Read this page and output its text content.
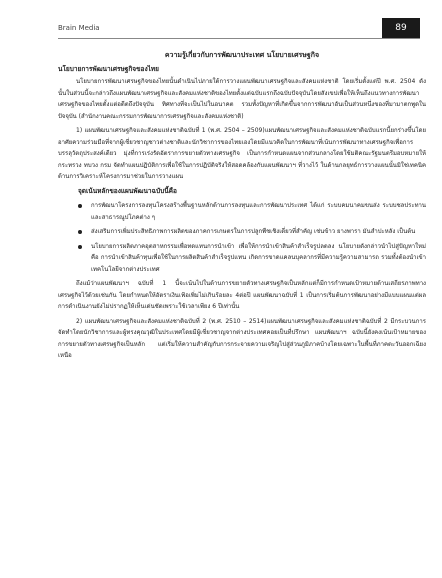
Brain Media	89
ความรู้เกี่ยวกับการพัฒนาประเทศ นโยบายเศรษฐกิจ
นโยบายการพัฒนาเศรษฐกิจของไทย

นโยบายการพัฒนาเศรษฐกิจของไทยนั้นดำเนินไปภายใต้การวางแผนพัฒนาเศรษฐกิจและสังคมแห่งชาติ โดยเริ่มตั้งแต่ปี พ.ศ. 2504 ดังนั้นในส่วนนี้จะกล่าวถึงแผนพัฒนาเศรษฐกิจและสังคมแห่งชาติของไทยตั้งแต่ฉบับแรกถึงฉบับปัจจุบันโดยสังเขปเพื่อให้เห็นถึงแนวทางการพัฒนาเศรษฐกิจของไทยตั้งแต่อดีตถึงปัจจุบัน ทิศทางที่จะเป็นไปในอนาคต รวมทั้งปัญหาที่เกิดขึ้นจากการพัฒนาอันเป็นส่วนหนึ่งของที่มามาตกพูดในปัจจุบัน (สำนักงานคณะกรรมการพัฒนาการเศรษฐกิจและสังคมแห่งชาติ)

1) แผนพัฒนาเศรษฐกิจและสังคมแห่งชาติฉบับที่ 1 (พ.ศ. 2504 – 2509)แผนพัฒนาเศรษฐกิจและสังคมแห่งชาติฉบับแรกนี้ยกร่างขึ้นโดยอาศัยความร่วมมือที่จากผู้เชี่ยวชาญชาวต่างชาติและนักวิชาการของไทยเองโดยมีแนวคิดในการพัฒนาที่เน้นการพัฒนาทางเศรษฐกิจเพื่อการบรรลุวัตถุประสงค์เดียว มุ่งที่การเร่งรัดอัตราการขยายตัวทางเศรษฐกิจ เป็นการกำหนดแผนจากส่วนกลางโดยใช้มติคณะรัฐมนตรีมอบหมายให้กระทรวง ทบวง กรม จัดทำแผนปฏิบัติการเพื่อใช้ในการปฏิบัติจริงให้สอดคล้องกับแผนพัฒนาฯ ที่วางไว้ ในด้านกลยุทธ์การวางแผนนั้นมิใช่เทคนิคด้านการวิเคราะห์โครงการมาช่วยในการวางแผน

จุดเน้นหลักของแผนพัฒนาฉบับนี้คือ
การพัฒนาโครงการลงทุนโครงสร้างพื้นฐานหลักด้านการลงทุนและการพัฒนาประเทศ ได้แก่ ระบบคมนาคมขนส่ง ระบบชลประทาน และสาธารณูปโภคต่าง ๆ
ส่งเสริมการเพิ่มประสิทธิภาพการผลิตของภาคการเกษตรในการปลูกพืชเชิงเดี่ยวที่สำคัญ เช่นข้าว ยางพารา มันสำปะหลัง เป็นต้น
นโยบายการผลิตภาคอุตสาหกรรมเพื่อทดแทนการนำเข้า เพื่อให้การนำเข้าสินค้าสำเร็จรูปลดลง นโยบายดังกล่าวนำไปสู่ปัญหาใหม่คือ การนำเข้าสินค้าทุนเพื่อใช้ในการผลิตสินค้าสำเร็จรูปแทน เกิดการขาดแคลนบุคลากรที่มีความรู้ความสามารถ รวมทั้งต้องนำเข้าเทคโนโลยีจากต่างประเทศ

ถึงแม้ว่าแผนพัฒนาฯ ฉบับที่ 1 นี้จะเน้นไปในด้านการขยายตัวทางเศรษฐกิจเป็นหลักแต่ก็มีการกำหนดเป้าหมายด้านเสถียรภาพทางเศรษฐกิจไว้ด้วยเช่นกัน โดยกำหนดให้อัตราเงินเฟ้อเพิ่มไม่เกินร้อยละ 4ต่อปี แผนพัฒนาฉบับที่ 1 เป็นการเริ่มต้นการพัฒนาอย่างมีแบบแผนแต่ผลการดำเนินงานยังไม่ปรากฏให้เห็นเด่นชัดเพราะใช้เวลาเพียง 6 ปีเท่านั้น

2) แผนพัฒนาเศรษฐกิจและสังคมแห่งชาติฉบับที่ 2 (พ.ศ. 2510 – 2514)แผนพัฒนาเศรษฐกิจและสังคมแห่งชาติฉบับที่ 2 มีกระบวนการจัดทำโดยนักวิชาการและผู้ทรงคุณวุฒิในประเทศโดยมีผู้เชี่ยวชาญจากต่างประเทศคอยเป็นที่ปรึกษา แผนพัฒนาฯ ฉบับนี้ยังคงเน้นเป้าหมายของการขยายตัวทางเศรษฐกิจเป็นหลัก แต่เริ่มให้ความสำคัญกับการกระจายความเจริญไปสู่ส่วนภูมิภาคบ้างโดยเฉพาะในพื้นที่ภาคตะวันออกเฉียงเหนือ
